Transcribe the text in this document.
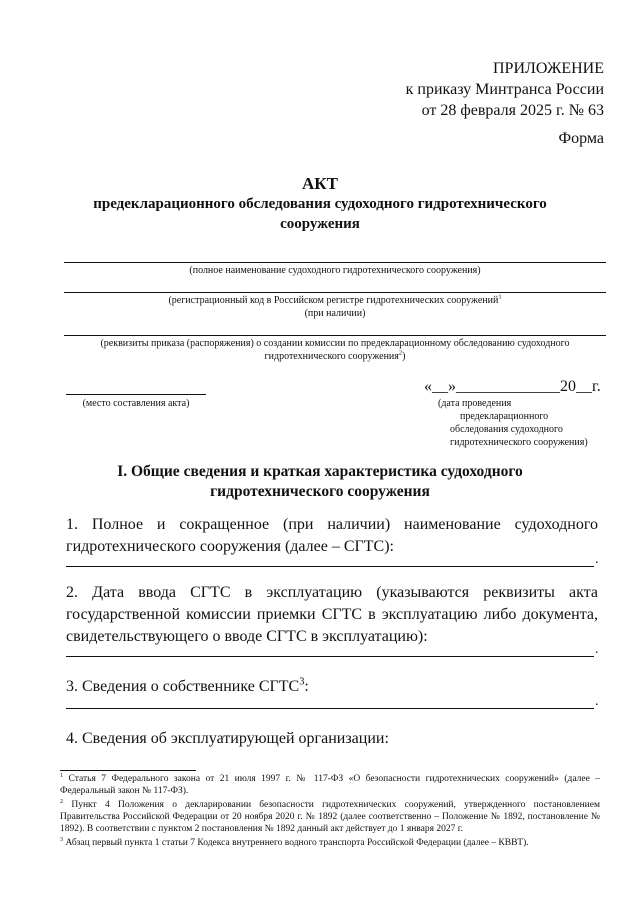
ПРИЛОЖЕНИЕ
к приказу Минтранса России
от 28 февраля 2025 г. № 63
Форма
АКТ
предекларационного обследования судоходного гидротехнического
сооружения
(полное наименование судоходного гидротехнического сооружения)
(регистрационный код в Российском регистре гидротехнических сооружений$^1$
(при наличии)
(реквизиты приказа (распоряжения) о создании комиссии по предекларационному обследованию судоходного
гидротехнического сооружения$^2$)
(место составления акта)
«__»_____________20__г.
(дата проведения
предекларационного
обследования судоходного
гидротехнического сооружения)
I. Общие сведения и краткая характеристика судоходного
гидротехнического сооружения
1. Полное и сокращенное (при наличии) наименование судоходного гидротехнического сооружения (далее – СГТС):
.
2. Дата ввода СГТС в эксплуатацию (указываются реквизиты акта государственной комиссии приемки СГТС в эксплуатацию либо документа, свидетельствующего о вводе СГТС в эксплуатацию):
.
3. Сведения о собственнике СГТС$^3$:
.
4. Сведения об эксплуатирующей организации:
$^1$ Статья 7 Федерального закона от 21 июля 1997 г. № 117-ФЗ «О безопасности гидротехнических сооружений» (далее – Федеральный закон № 117-ФЗ).
$^2$ Пункт 4 Положения о декларировании безопасности гидротехнических сооружений, утвержденного постановлением Правительства Российской Федерации от 20 ноября 2020 г. № 1892 (далее соответственно – Положение № 1892, постановление № 1892). В соответствии с пунктом 2 постановления № 1892 данный акт действует до 1 января 2027 г.
$^3$ Абзац первый пункта 1 статьи 7 Кодекса внутреннего водного транспорта Российской Федерации (далее – КВВТ).
